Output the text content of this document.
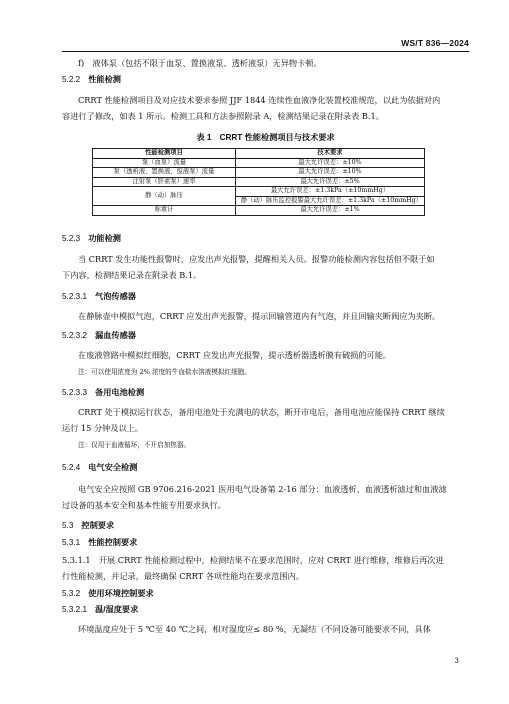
WS/T 836—2024

f)　液体泵（包括不限于血泵、置换液泵、透析液泵）无异物卡顿。

5.2.2 性能检测

CRRT 性能检测项目及对应技术要求参照 JJF 1844 连续性血液净化装置校准规范，以此为依据对内

容进行了修改，如表 1 所示。检测工具和方法参照附录 A，检测结果记录在附录表 B.1。

表 1　CRRT 性能检测项目与技术要求
性能检测项目	技术要求
泵（血泵）流量	最大允许误差：±10%
泵（透析液、置换液、废液泵）流量	最大允许误差：±10%
注射泵（肝素泵）速率	最大允许误差：±5%
静（动）脉压	最大允许误差：±1.3kPa（±10mmHg）
	静（动）脉压监控报警最大允许误差：±1.3kPa（±10mmHg）
称重计	最大允许误差：±1%

5.2.3 功能检测

当 CRRT 发生功能性报警时，应发出声光报警，提醒相关人员。报警功能检测内容包括但不限于如

下内容，检测结果记录在附录表 B.1。

5.2.3.1 气泡传感器

在静脉壶中模拟气泡，CRRT 应发出声光报警，提示回输管道内有气泡，并且回输夹断阀应为夹断。

5.2.3.2 漏血传感器

在废液管路中模拟红细胞，CRRT 应发出声光报警，提示透析器透析膜有破损的可能。

注：可以使用浓度为 2% 浓度的牛血盐水溶液模拟红细胞。

5.2.3.3 备用电池检测

CRRT 处于模拟运行状态，备用电池处于充满电的状态，断开市电后，备用电池应能保持 CRRT 继续

运行 15 分钟及以上。

注：仅用于血液循环，不开启加热器。

5.2.4 电气安全检测

电气安全应按照 GB 9706.216-2021 医用电气设备第 2-16 部分：血液透析、血液透析滤过和血液滤

过设备的基本安全和基本性能专用要求执行。

5.3 控制要求

5.3.1 性能控制要求

5.3.1.1　开展 CRRT 性能检测过程中，检测结果不在要求范围时，应对 CRRT 进行维修，维修后再次进

行性能检测，并记录，最终确保 CRRT 各项性能均在要求范围内。

5.3.2 使用环境控制要求

5.3.2.1 温/湿度要求

环境温度应处于 5 ℃至 40 ℃之间，相对湿度应≤ 80 %，无凝结（不同设备可能要求不同，具体

3
